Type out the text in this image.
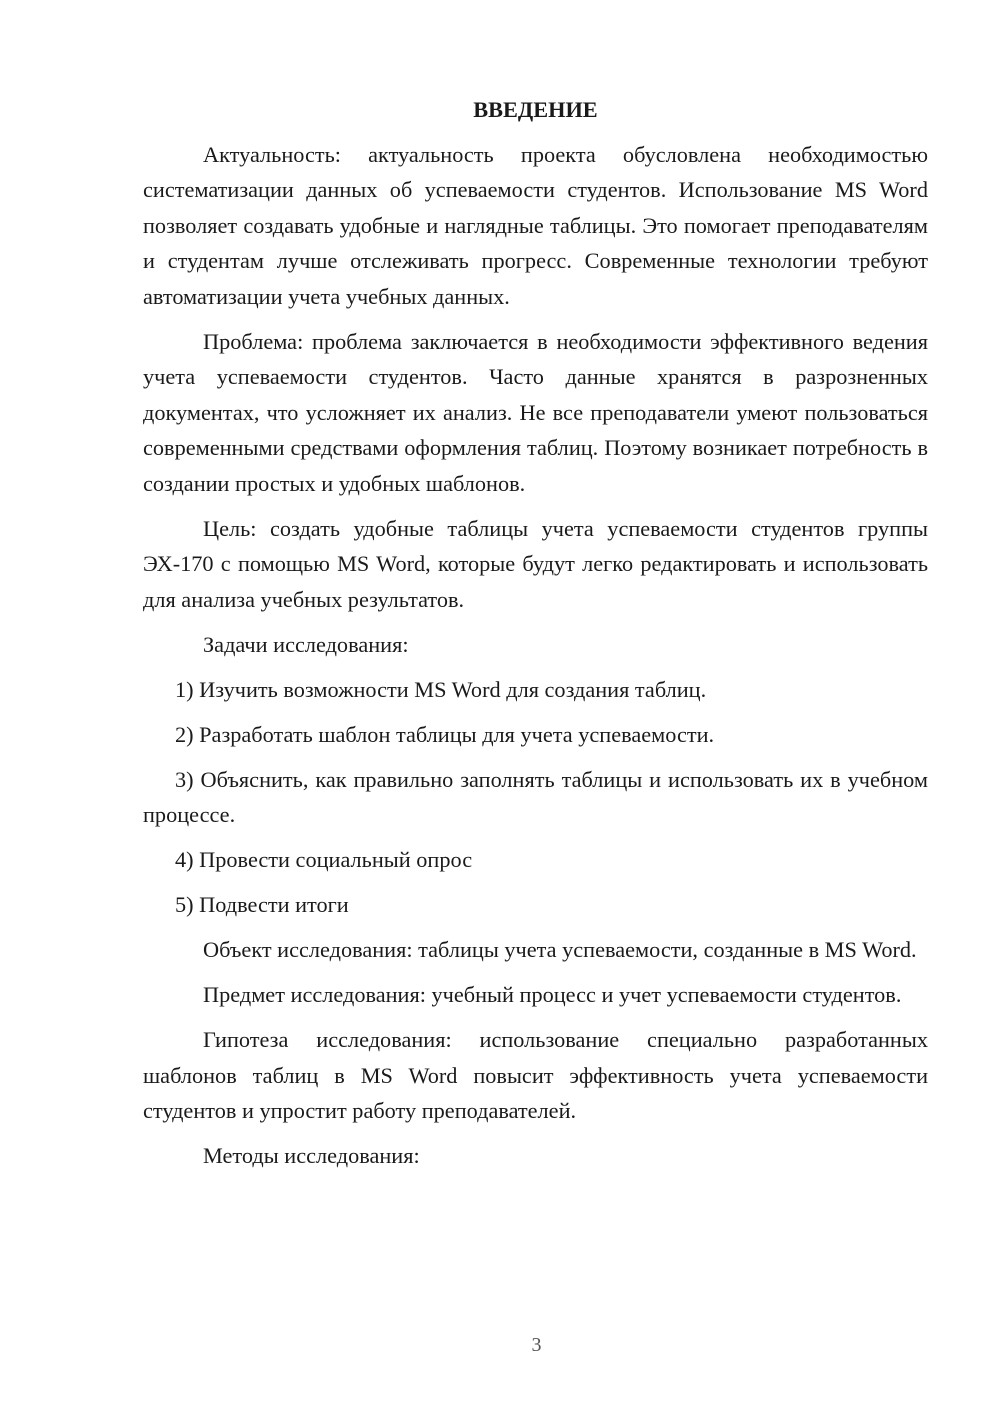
ВВЕДЕНИЕ

Актуальность: актуальность проекта обусловлена необходимостью систематизации данных об успеваемости студентов. Использование MS Word позволяет создавать удобные и наглядные таблицы. Это помогает преподавателям и студентам лучше отслеживать прогресс. Современные технологии требуют автоматизации учета учебных данных.

Проблема: проблема заключается в необходимости эффективного ведения учета успеваемости студентов. Часто данные хранятся в разрозненных документах, что усложняет их анализ. Не все преподаватели умеют пользоваться современными средствами оформления таблиц. Поэтому возникает потребность в создании простых и удобных шаблонов.

Цель: создать удобные таблицы учета успеваемости студентов группы ЭХ-170 с помощью MS Word, которые будут легко редактировать и использовать для анализа учебных результатов.

Задачи исследования:

1) Изучить возможности MS Word для создания таблиц.

2) Разработать шаблон таблицы для учета успеваемости.

3) Объяснить, как правильно заполнять таблицы и использовать их в учебном процессе.

4) Провести социальный опрос

5) Подвести итоги

Объект исследования: таблицы учета успеваемости, созданные в MS Word.

Предмет исследования: учебный процесс и учет успеваемости студентов.

Гипотеза исследования: использование специально разработанных шаблонов таблиц в MS Word повысит эффективность учета успеваемости студентов и упростит работу преподавателей.

Методы исследования:

3
